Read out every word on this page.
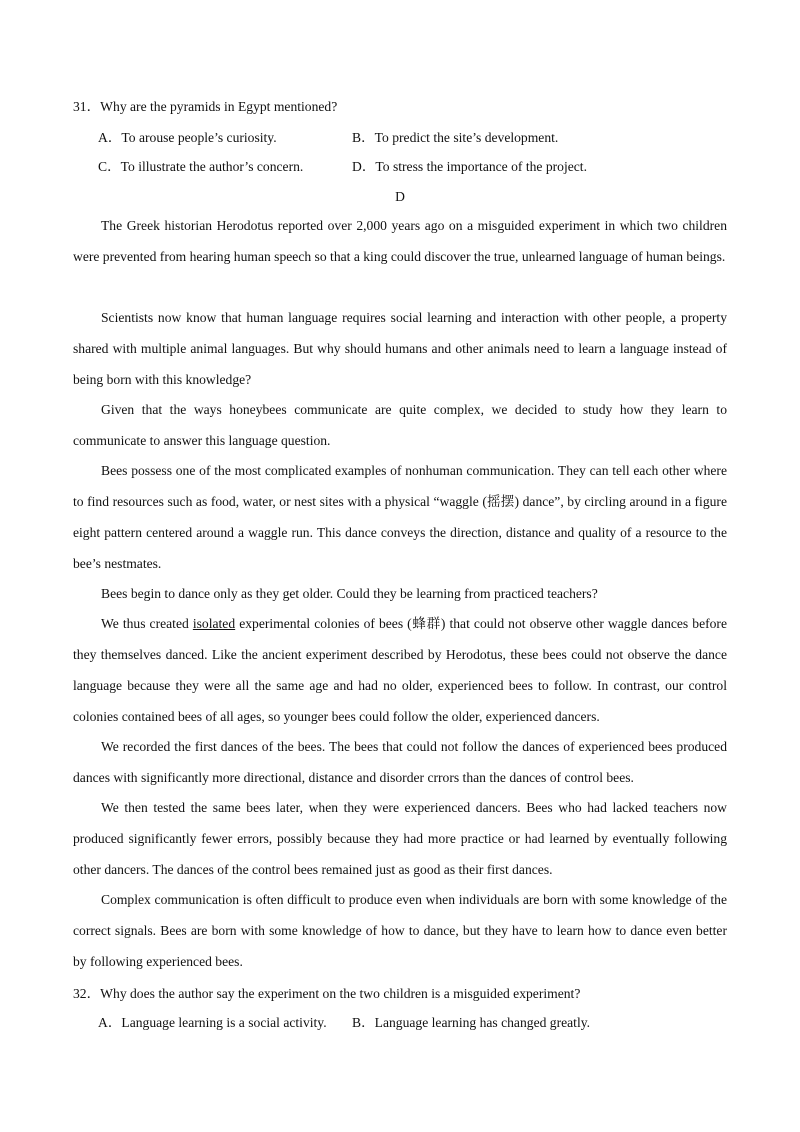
31．Why are the pyramids in Egypt mentioned?
A．To arouse people’s curiosity.	B．To predict the site’s development.
C．To illustrate the author’s concern.	D．To stress the importance of the project.
D

The Greek historian Herodotus reported over 2,000 years ago on a misguided experiment in which two children were prevented from hearing human speech so that a king could discover the true, unlearned language of human beings.

Scientists now know that human language requires social learning and interaction with other people, a property shared with multiple animal languages. But why should humans and other animals need to learn a language instead of being born with this knowledge?

Given that the ways honeybees communicate are quite complex, we decided to study how they learn to communicate to answer this language question.

Bees possess one of the most complicated examples of nonhuman communication. They can tell each other where to find resources such as food, water, or nest sites with a physical “waggle (摇摆) dance”, by circling around in a figure eight pattern centered around a waggle run. This dance conveys the direction, distance and quality of a resource to the bee’s nestmates.

Bees begin to dance only as they get older. Could they be learning from practiced teachers?

We thus created isolated experimental colonies of bees (蜂群) that could not observe other waggle dances before they themselves danced. Like the ancient experiment described by Herodotus, these bees could not observe the dance language because they were all the same age and had no older, experienced bees to follow. In contrast, our control colonies contained bees of all ages, so younger bees could follow the older, experienced dancers.

We recorded the first dances of the bees. The bees that could not follow the dances of experienced bees produced dances with significantly more directional, distance and disorder crrors than the dances of control bees.

We then tested the same bees later, when they were experienced dancers. Bees who had lacked teachers now produced significantly fewer errors, possibly because they had more practice or had learned by eventually following other dancers. The dances of the control bees remained just as good as their first dances.

Complex communication is often difficult to produce even when individuals are born with some knowledge of the correct signals. Bees are born with some knowledge of how to dance, but they have to learn how to dance even better by following experienced bees.

32．Why does the author say the experiment on the two children is a misguided experiment?
A．Language learning is a social activity. B．Language learning has changed greatly.
